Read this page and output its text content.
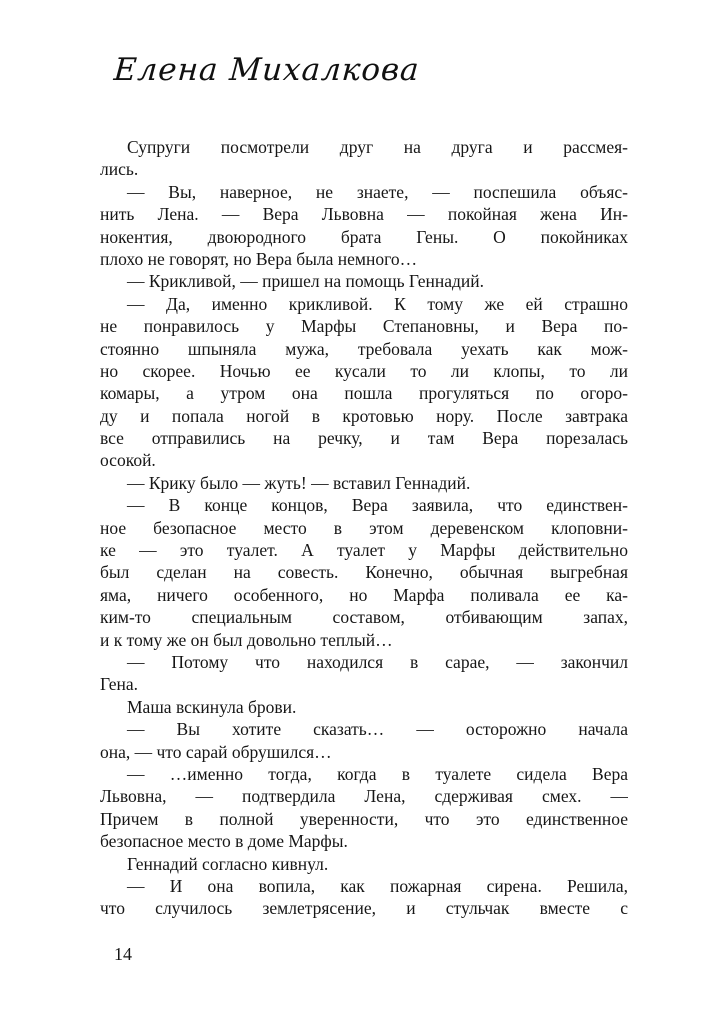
Елена Михалкова
Супруги посмотрели друг на друга и рассмея-
лись.
— Вы, наверное, не знаете, — поспешила объяс-
нить Лена. — Вера Львовна — покойная жена Ин-
нокентия, двоюродного брата Гены. О покойниках
плохо не говорят, но Вера была немного…
— Крикливой, — пришел на помощь Геннадий.
— Да, именно крикливой. К тому же ей страшно
не понравилось у Марфы Степановны, и Вера по-
стоянно шпыняла мужа, требовала уехать как мож-
но скорее. Ночью ее кусали то ли клопы, то ли
комары, а утром она пошла прогуляться по огоро-
ду и попала ногой в кротовью нору. После завтрака
все отправились на речку, и там Вера порезалась
осокой.
— Крику было — жуть! — вставил Геннадий.
— В конце концов, Вера заявила, что единствен-
ное безопасное место в этом деревенском клоповни-
ке — это туалет. А туалет у Марфы действительно
был сделан на совесть. Конечно, обычная выгребная
яма, ничего особенного, но Марфа поливала ее ка-
ким-то специальным составом, отбивающим запах,
и к тому же он был довольно теплый…
— Потому что находился в сарае, — закончил
Гена.
Маша вскинула брови.
— Вы хотите сказать… — осторожно начала
она, — что сарай обрушился…
— …именно тогда, когда в туалете сидела Вера
Львовна, — подтвердила Лена, сдерживая смех. —
Причем в полной уверенности, что это единственное
безопасное место в доме Марфы.
Геннадий согласно кивнул.
— И она вопила, как пожарная сирена. Решила,
что случилось землетрясение, и стульчак вместе с
14
